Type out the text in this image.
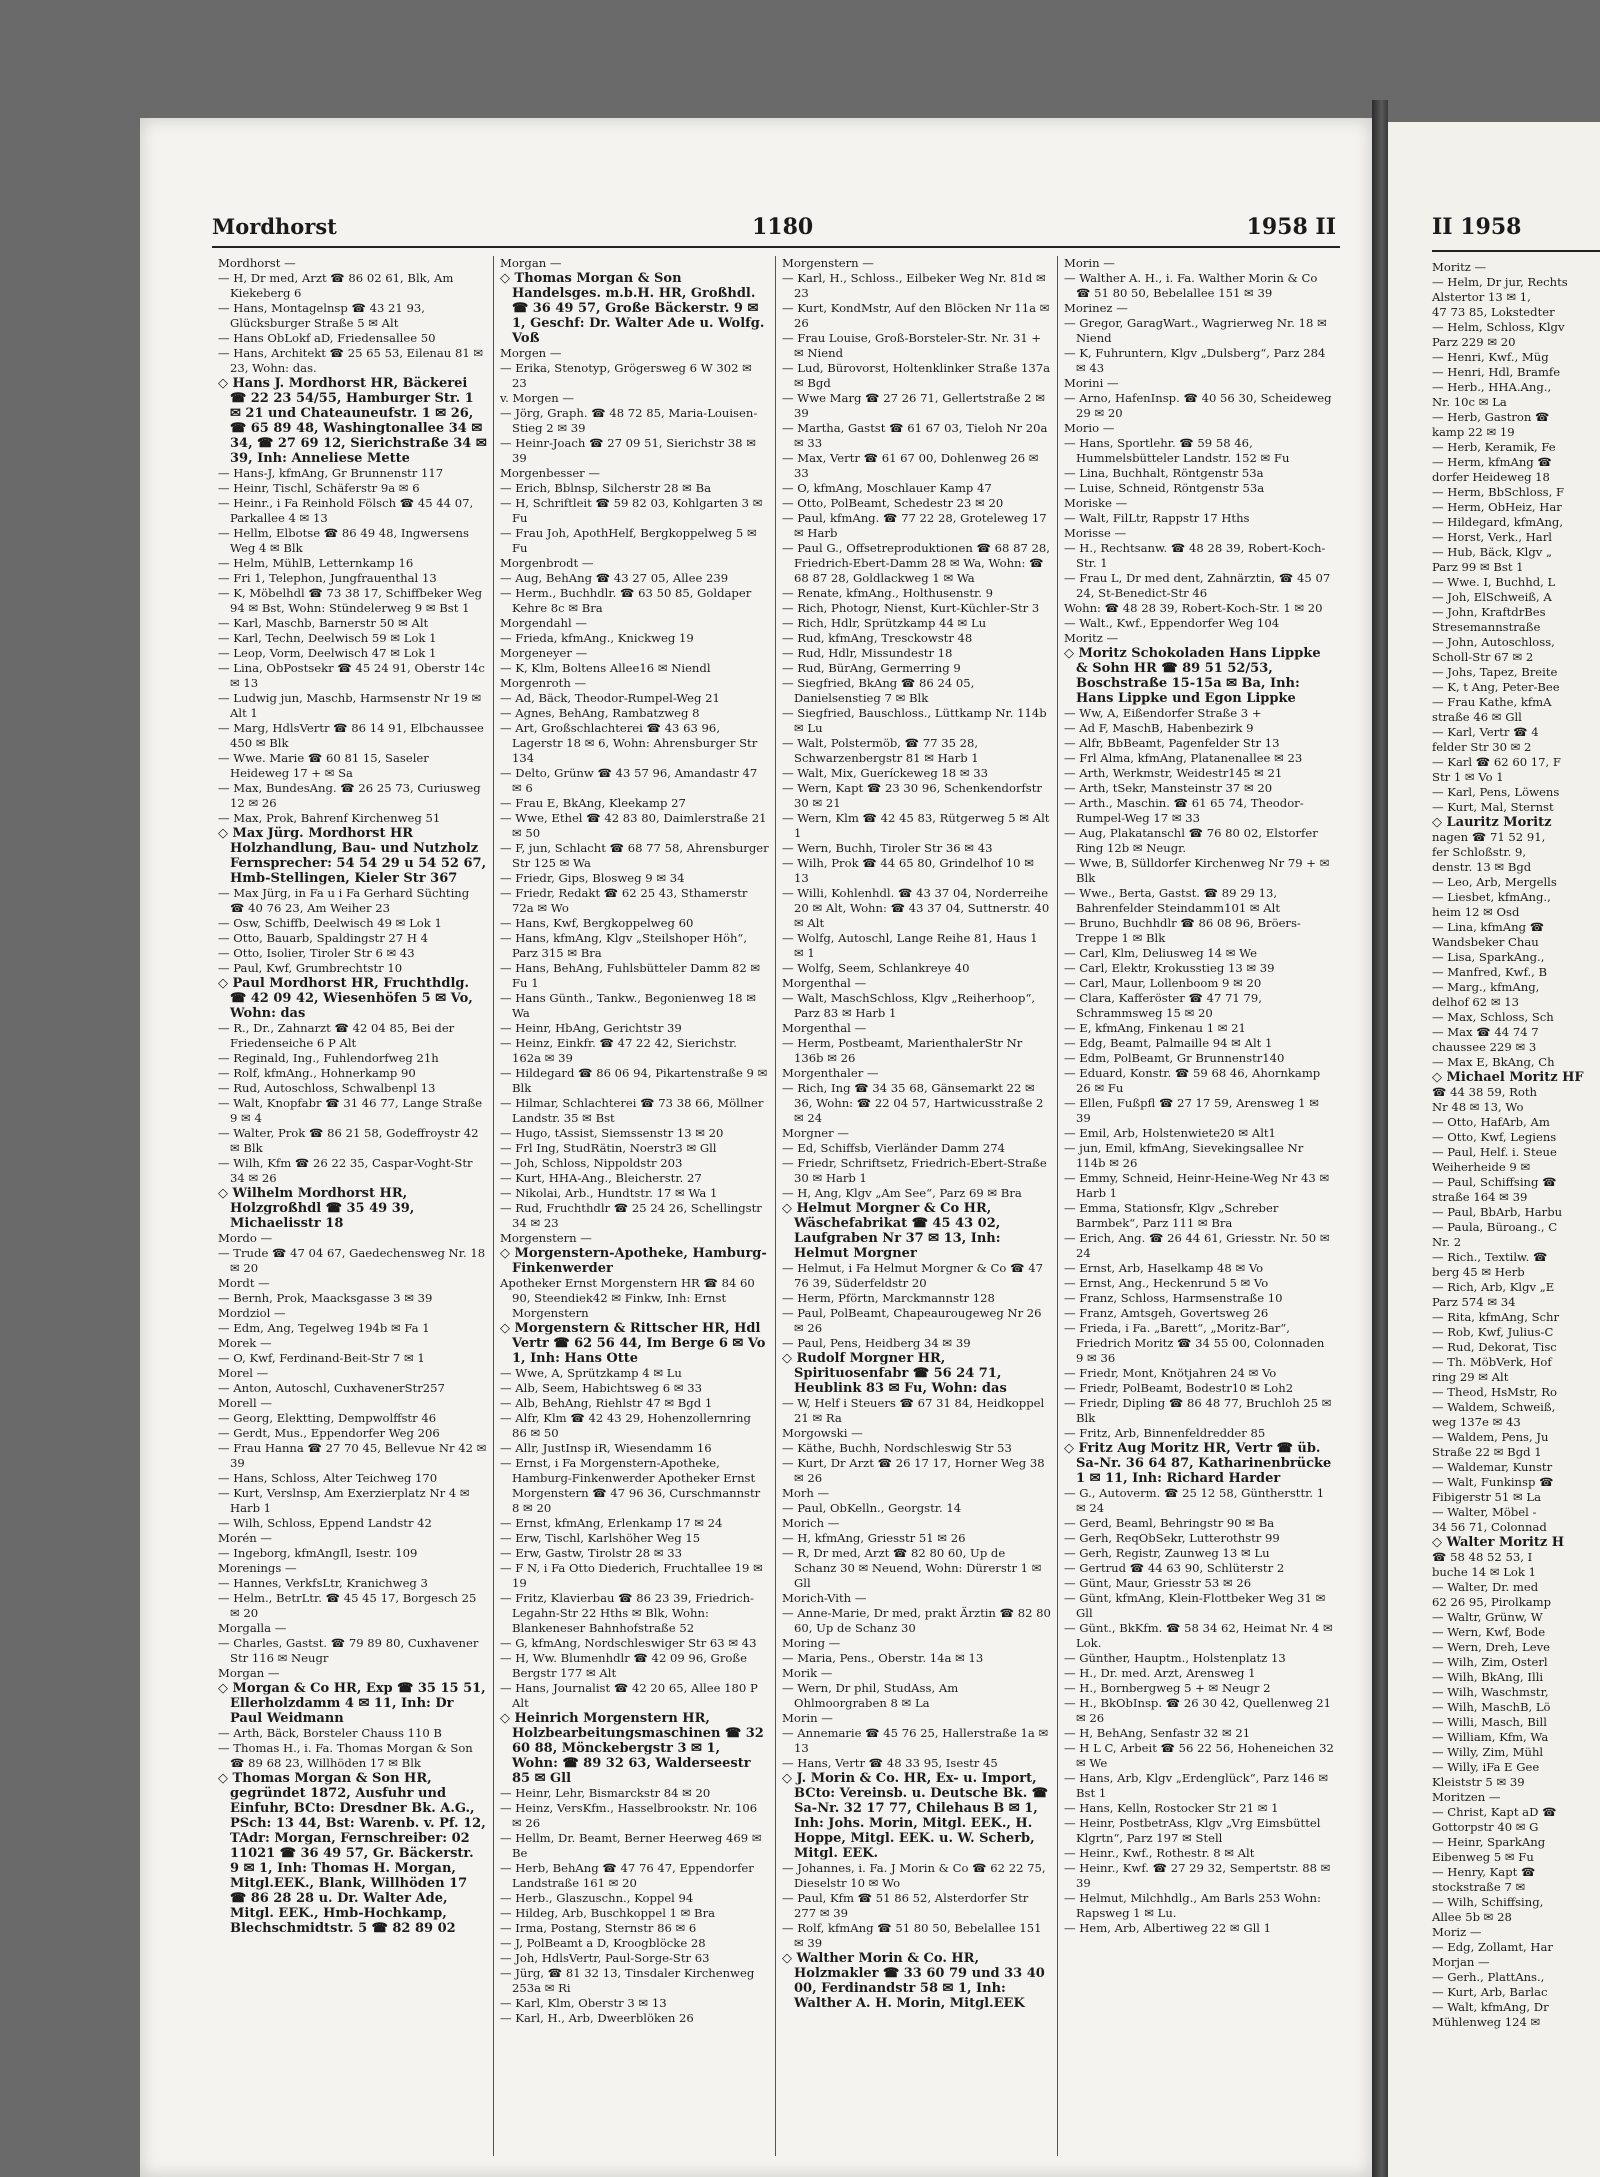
Mordhorst	1180	1958 II

Mordhorst —

— H, Dr med, Arzt ☎ 86 02 61, Blk, Am Kiekeberg 6

— Hans, Montagelnsp ☎ 43 21 93, Glücksburger Straße 5 ✉ Alt

— Hans ObLokf aD, Friedensallee 50

— Hans, Architekt ☎ 25 65 53, Eilenau 81 ✉ 23, Wohn: das.

◇ Hans J. Mordhorst HR, Bäckerei ☎ 22 23 54/55, Hamburger Str. 1 ✉ 21 und Chateauneufstr. 1 ✉ 26, ☎ 65 89 48, Washingtonallee 34 ✉ 34, ☎ 27 69 12, Sierichstraße 34 ✉ 39, Inh: Anneliese Mette

— Hans-J, kfmAng, Gr Brunnenstr 117

— Heinr, Tischl, Schäferstr 9a ✉ 6

— Heinr., i Fa Reinhold Fölsch ☎ 45 44 07, Parkallee 4 ✉ 13

— Hellm, Elbotse ☎ 86 49 48, Ingwersens Weg 4 ✉ Blk

— Helm, MühlB, Letternkamp 16

— Fri 1, Telephon, Jungfrauenthal 13

— K, Möbelhdl ☎ 73 38 17, Schiffbeker Weg 94 ✉ Bst, Wohn: Stündelerweg 9 ✉ Bst 1

— Karl, Maschb, Barnerstr 50 ✉ Alt

— Karl, Techn, Deelwisch 59 ✉ Lok 1

— Leop, Vorm, Deelwisch 47 ✉ Lok 1

— Lina, ObPostsekr ☎ 45 24 91, Oberstr 14c ✉ 13

— Ludwig jun, Maschb, Harmsenstr Nr 19 ✉ Alt 1

— Marg, HdlsVertr ☎ 86 14 91, Elbchaussee 450 ✉ Blk

— Wwe. Marie ☎ 60 81 15, Saseler Heideweg 17 + ✉ Sa

— Max, BundesAng. ☎ 26 25 73, Curiusweg 12 ✉ 26

— Max, Prok, Bahrenf Kirchenweg 51

◇ Max Jürg. Mordhorst HR Holzhandlung, Bau- und Nutzholz Fernsprecher: 54 54 29 u 54 52 67, Hmb-Stellingen, Kieler Str 367

— Max Jürg, in Fa u i Fa Gerhard Süchting ☎ 40 76 23, Am Weiher 23

— Osw, Schiffb, Deelwisch 49 ✉ Lok 1

— Otto, Bauarb, Spaldingstr 27 H 4

— Otto, Isolier, Tiroler Str 6 ✉ 43

— Paul, Kwf, Grumbrechtstr 10

◇ Paul Mordhorst HR, Fruchthdlg. ☎ 42 09 42, Wiesenhöfen 5 ✉ Vo, Wohn: das

— R., Dr., Zahnarzt ☎ 42 04 85, Bei der Friedenseiche 6 P Alt

— Reginald, Ing., Fuhlendorfweg 21h

— Rolf, kfmAng., Hohnerkamp 90

— Rud, Autoschloss, Schwalbenpl 13

— Walt, Knopfabr ☎ 31 46 77, Lange Straße 9 ✉ 4

— Walter, Prok ☎ 86 21 58, Godeffroystr 42 ✉ Blk

— Wilh, Kfm ☎ 26 22 35, Caspar-Voght-Str 34 ✉ 26

◇ Wilhelm Mordhorst HR, Holzgroßhdl ☎ 35 49 39, Michaelisstr 18

Mordo —

— Trude ☎ 47 04 67, Gaedechensweg Nr. 18 ✉ 20

Mordt —

— Bernh, Prok, Maacksgasse 3 ✉ 39

Mordziol —

— Edm, Ang, Tegelweg 194b ✉ Fa 1

Morek —

— O, Kwf, Ferdinand-Beit-Str 7 ✉ 1

Morel —

— Anton, Autoschl, CuxhavenerStr257

Morell —

— Georg, Elektting, Dempwolffstr 46

— Gerdt, Mus., Eppendorfer Weg 206

— Frau Hanna ☎ 27 70 45, Bellevue Nr 42 ✉ 39

— Hans, Schloss, Alter Teichweg 170

— Kurt, Verslnsp, Am Exerzierplatz Nr 4 ✉ Harb 1

— Wilh, Schloss, Eppend Landstr 42

Morén —

— Ingeborg, kfmAngIl, Isestr. 109

Morenings —

— Hannes, VerkfsLtr, Kranichweg 3

— Helm., BetrLtr. ☎ 45 45 17, Borgesch 25 ✉ 20

Morgalla —

— Charles, Gastst. ☎ 79 89 80, Cuxhavener Str 116 ✉ Neugr

Morgan —

◇ Morgan & Co HR, Exp ☎ 35 15 51, Ellerholzdamm 4 ✉ 11, Inh: Dr Paul Weidmann

— Arth, Bäck, Borsteler Chauss 110 B

— Thomas H., i. Fa. Thomas Morgan & Son ☎ 89 68 23, Willhöden 17 ✉ Blk

◇ Thomas Morgan & Son HR, gegründet 1872, Ausfuhr und Einfuhr, BCto: Dresdner Bk. A.G., PSch: 13 44, Bst: Warenb. v. Pf. 12, TAdr: Morgan, Fernschreiber: 02 11021 ☎ 36 49 57, Gr. Bäckerstr. 9 ✉ 1, Inh: Thomas H. Morgan, Mitgl.EEK., Blank, Willhöden 17 ☎ 86 28 28 u. Dr. Walter Ade, Mitgl. EEK., Hmb-Hochkamp, Blechschmidtstr. 5 ☎ 82 89 02

Morgan —

◇ Thomas Morgan & Son Handelsges. m.b.H. HR, Großhdl. ☎ 36 49 57, Große Bäckerstr. 9 ✉ 1, Geschf: Dr. Walter Ade u. Wolfg. Voß

Morgen —

— Erika, Stenotyp, Grögersweg 6 W 302 ✉ 23

v. Morgen —

— Jörg, Graph. ☎ 48 72 85, Maria-Louisen-Stieg 2 ✉ 39

— Heinr-Joach ☎ 27 09 51, Sierichstr 38 ✉ 39

Morgenbesser —

— Erich, Bblnsp, Silcherstr 28 ✉ Ba

— H, Schriftleit ☎ 59 82 03, Kohlgarten 3 ✉ Fu

— Frau Joh, ApothHelf, Bergkoppelweg 5 ✉ Fu

Morgenbrodt —

— Aug, BehAng ☎ 43 27 05, Allee 239

— Herm., Buchhdlr. ☎ 63 50 85, Goldaper Kehre 8c ✉ Bra

Morgendahl —

— Frieda, kfmAng., Knickweg 19

Morgeneyer —

— K, Klm, Boltens Allee16 ✉ Niendl

Morgenroth —

— Ad, Bäck, Theodor-Rumpel-Weg 21

— Agnes, BehAng, Rambatzweg 8

— Art, Großschlachterei ☎ 43 63 96, Lagerstr 18 ✉ 6, Wohn: Ahrensburger Str 134

— Delto, Grünw ☎ 43 57 96, Amandastr 47 ✉ 6

— Frau E, BkAng, Kleekamp 27

— Wwe, Ethel ☎ 42 83 80, Daimlerstraße 21 ✉ 50

— F, jun, Schlacht ☎ 68 77 58, Ahrensburger Str 125 ✉ Wa

— Friedr, Gips, Blosweg 9 ✉ 34

— Friedr, Redakt ☎ 62 25 43, Sthamerstr 72a ✉ Wo

— Hans, Kwf, Bergkoppelweg 60

— Hans, kfmAng, Klgv „Steilshoper Höh“, Parz 315 ✉ Bra

— Hans, BehAng, Fuhlsbütteler Damm 82 ✉ Fu 1

— Hans Günth., Tankw., Begonienweg 18 ✉ Wa

— Heinr, HbAng, Gerichtstr 39

— Heinz, Einkfr. ☎ 47 22 42, Sierichstr. 162a ✉ 39

— Hildegard ☎ 86 06 94, Pikartenstraße 9 ✉ Blk

— Hilmar, Schlachterei ☎ 73 38 66, Möllner Landstr. 35 ✉ Bst

— Hugo, tAssist, Siemssenstr 13 ✉ 20

— Frl Ing, StudRätin, Noerstr3 ✉ Gll

— Joh, Schloss, Nippoldstr 203

— Kurt, HHA-Ang., Bleicherstr. 27

— Nikolai, Arb., Hundtstr. 17 ✉ Wa 1

— Rud, Fruchthdlr ☎ 25 24 26, Schellingstr 34 ✉ 23

Morgenstern —

◇ Morgenstern-Apotheke, Hamburg-Finkenwerder

Apotheker Ernst Morgenstern HR ☎ 84 60 90, Steendiek42 ✉ Finkw, Inh: Ernst Morgenstern

◇ Morgenstern & Rittscher HR, Hdl Vertr ☎ 62 56 44, Im Berge 6 ✉ Vo 1, Inh: Hans Otte

— Wwe, A, Sprützkamp 4 ✉ Lu

— Alb, Seem, Habichtsweg 6 ✉ 33

— Alb, BehAng, Riehlstr 47 ✉ Bgd 1

— Alfr, Klm ☎ 42 43 29, Hohenzollernring 86 ✉ 50

— Allr, JustInsp iR, Wiesendamm 16

— Ernst, i Fa Morgenstern-Apotheke, Hamburg-Finkenwerder Apotheker Ernst Morgenstern ☎ 47 96 36, Curschmannstr 8 ✉ 20

— Ernst, kfmAng, Erlenkamp 17 ✉ 24

— Erw, Tischl, Karlshöher Weg 15

— Erw, Gastw, Tirolstr 28 ✉ 33

— F N, i Fa Otto Diederich, Fruchtallee 19 ✉ 19

— Fritz, Klavierbau ☎ 86 23 39, Friedrich-Legahn-Str 22 Hths ✉ Blk, Wohn: Blankeneser Bahnhofstraße 52

— G, kfmAng, Nordschleswiger Str 63 ✉ 43

— H, Ww. Blumenhdlr ☎ 42 09 96, Große Bergstr 177 ✉ Alt

— Hans, Journalist ☎ 42 20 65, Allee 180 P Alt

◇ Heinrich Morgenstern HR, Holzbearbeitungsmaschinen ☎ 32 60 88, Mönckebergstr 3 ✉ 1, Wohn: ☎ 89 32 63, Walderseestr 85 ✉ Gll

— Heinr, Lehr, Bismarckstr 84 ✉ 20

— Heinz, VersKfm., Hasselbrookstr. Nr. 106 ✉ 26

— Hellm, Dr. Beamt, Berner Heerweg 469 ✉ Be

— Herb, BehAng ☎ 47 76 47, Eppendorfer Landstraße 161 ✉ 20

— Herb., Glaszuschn., Koppel 94

— Hildeg, Arb, Buschkoppel 1 ✉ Bra

— Irma, Postang, Sternstr 86 ✉ 6

— J, PolBeamt a D, Kroogblöcke 28

— Joh, HdlsVertr, Paul-Sorge-Str 63

— Jürg, ☎ 81 32 13, Tinsdaler Kirchenweg 253a ✉ Ri

— Karl, Klm, Oberstr 3 ✉ 13

— Karl, H., Arb, Dweerblöken 26

Morgenstern —

— Karl, H., Schloss., Eilbeker Weg Nr. 81d ✉ 23

— Kurt, KondMstr, Auf den Blöcken Nr 11a ✉ 26

— Frau Louise, Groß-Borsteler-Str. Nr. 31 + ✉ Niend

— Lud, Bürovorst, Holtenklinker Straße 137a ✉ Bgd

— Wwe Marg ☎ 27 26 71, Gellertstraße 2 ✉ 39

— Martha, Gastst ☎ 61 67 03, Tieloh Nr 20a ✉ 33

— Max, Vertr ☎ 61 67 00, Dohlenweg 26 ✉ 33

— O, kfmAng, Moschlauer Kamp 47

— Otto, PolBeamt, Schedestr 23 ✉ 20

— Paul, kfmAng. ☎ 77 22 28, Groteleweg 17 ✉ Harb

— Paul G., Offsetreproduktionen ☎ 68 87 28, Friedrich-Ebert-Damm 28 ✉ Wa, Wohn: ☎ 68 87 28, Goldlackweg 1 ✉ Wa

— Renate, kfmAng., Holthusenstr. 9

— Rich, Photogr, Nienst, Kurt-Küchler-Str 3

— Rich, Hdlr, Sprützkamp 44 ✉ Lu

— Rud, kfmAng, Tresckowstr 48

— Rud, Hdlr, Missundestr 18

— Rud, BürAng, Germerring 9

— Siegfried, BkAng ☎ 86 24 05, Danielsenstieg 7 ✉ Blk

— Siegfried, Bauschloss., Lüttkamp Nr. 114b ✉ Lu

— Walt, Polstermöb, ☎ 77 35 28, Schwarzenbergstr 81 ✉ Harb 1

— Walt, Mix, Gueríckeweg 18 ✉ 33

— Wern, Kapt ☎ 23 30 96, Schenkendorfstr 30 ✉ 21

— Wern, Klm ☎ 42 45 83, Rütgerweg 5 ✉ Alt 1

— Wern, Buchh, Tiroler Str 36 ✉ 43

— Wilh, Prok ☎ 44 65 80, Grindelhof 10 ✉ 13

— Willi, Kohlenhdl. ☎ 43 37 04, Norderreihe 20 ✉ Alt, Wohn: ☎ 43 37 04, Suttnerstr. 40 ✉ Alt

— Wolfg, Autoschl, Lange Reihe 81, Haus 1 ✉ 1

— Wolfg, Seem, Schlankreye 40

Morgenthal —

— Walt, MaschSchloss, Klgv „Reiherhoop“, Parz 83 ✉ Harb 1

Morgenthal —

— Herm, Postbeamt, MarienthalerStr Nr 136b ✉ 26

Morgenthaler —

— Rich, Ing ☎ 34 35 68, Gänsemarkt 22 ✉ 36, Wohn: ☎ 22 04 57, Hartwicusstraße 2 ✉ 24

Morgner —

— Ed, Schiffsb, Vierländer Damm 274

— Friedr, Schriftsetz, Friedrich-Ebert-Straße 30 ✉ Harb 1

— H, Ang, Klgv „Am See“, Parz 69 ✉ Bra

◇ Helmut Morgner & Co HR, Wäschefabrikat ☎ 45 43 02, Laufgraben Nr 37 ✉ 13, Inh: Helmut Morgner

— Helmut, i Fa Helmut Morgner & Co ☎ 47 76 39, Süderfeldstr 20

— Herm, Pförtn, Marckmannstr 128

— Paul, PolBeamt, Chapeaurougeweg Nr 26 ✉ 26

— Paul, Pens, Heidberg 34 ✉ 39

◇ Rudolf Morgner HR, Spirituosenfabr ☎ 56 24 71, Heublink 83 ✉ Fu, Wohn: das

— W, Helf i Steuers ☎ 67 31 84, Heidkoppel 21 ✉ Ra

Morgowski —

— Käthe, Buchh, Nordschleswig Str 53

— Kurt, Dr Arzt ☎ 26 17 17, Horner Weg 38 ✉ 26

Morh —

— Paul, ObKelln., Georgstr. 14

Morich —

— H, kfmAng, Griesstr 51 ✉ 26

— R, Dr med, Arzt ☎ 82 80 60, Up de Schanz 30 ✉ Neuend, Wohn: Dürerstr 1 ✉ Gll

Morich-Vith —

— Anne-Marie, Dr med, prakt Ärztin ☎ 82 80 60, Up de Schanz 30

Moring —

— Maria, Pens., Oberstr. 14a ✉ 13

Morik —

— Wern, Dr phil, StudAss, Am Ohlmoorgraben 8 ✉ La

Morin —

— Annemarie ☎ 45 76 25, Hallerstraße 1a ✉ 13

— Hans, Vertr ☎ 48 33 95, Isestr 45

◇ J. Morin & Co. HR, Ex- u. Import, BCto: Vereinsb. u. Deutsche Bk. ☎ Sa-Nr. 32 17 77, Chilehaus B ✉ 1, Inh: Johs. Morin, Mitgl. EEK., H. Hoppe, Mitgl. EEK. u. W. Scherb, Mitgl. EEK.

— Johannes, i. Fa. J Morin & Co ☎ 62 22 75, Dieselstr 10 ✉ Wo

— Paul, Kfm ☎ 51 86 52, Alsterdorfer Str 277 ✉ 39

— Rolf, kfmAng ☎ 51 80 50, Bebelallee 151 ✉ 39

◇ Walther Morin & Co. HR, Holzmakler ☎ 33 60 79 und 33 40 00, Ferdinandstr 58 ✉ 1, Inh: Walther A. H. Morin, Mitgl.EEK

Morin —

— Walther A. H., i. Fa. Walther Morin & Co ☎ 51 80 50, Bebelallee 151 ✉ 39

Morinez —

— Gregor, GaragWart., Wagrierweg Nr. 18 ✉ Niend

— K, Fuhruntern, Klgv „Dulsberg“, Parz 284 ✉ 43

Morini —

— Arno, HafenInsp. ☎ 40 56 30, Scheideweg 29 ✉ 20

Morio —

— Hans, Sportlehr. ☎ 59 58 46, Hummelsbütteler Landstr. 152 ✉ Fu

— Lina, Buchhalt, Röntgenstr 53a

— Luise, Schneid, Röntgenstr 53a

Moriske —

— Walt, FilLtr, Rappstr 17 Hths

Morisse —

— H., Rechtsanw. ☎ 48 28 39, Robert-Koch-Str. 1

— Frau L, Dr med dent, Zahnärztin, ☎ 45 07 24, St-Benedict-Str 46

Wohn: ☎ 48 28 39, Robert-Koch-Str. 1 ✉ 20

— Walt., Kwf., Eppendorfer Weg 104

Moritz —

◇ Moritz Schokoladen Hans Lippke & Sohn HR ☎ 89 51 52/53, Boschstraße 15-15a ✉ Ba, Inh: Hans Lippke und Egon Lippke

— Ww, A, Eißendorfer Straße 3 +

— Ad F, MaschB, Habenbezirk 9

— Alfr, BbBeamt, Pagenfelder Str 13

— Frl Alma, kfmAng, Platanenallee ✉ 23

— Arth, Werkmstr, Weidestr145 ✉ 21

— Arth, tSekr, Mansteinstr 37 ✉ 20

— Arth., Maschin. ☎ 61 65 74, Theodor-Rumpel-Weg 17 ✉ 33

— Aug, Plakatanschl ☎ 76 80 02, Elstorfer Ring 12b ✉ Neugr.

— Wwe, B, Sülldorfer Kirchenweg Nr 79 + ✉ Blk

— Wwe., Berta, Gastst. ☎ 89 29 13, Bahrenfelder Steindamm101 ✉ Alt

— Bruno, Buchhdlr ☎ 86 08 96, Bröers-Treppe 1 ✉ Blk

— Carl, Klm, Deliusweg 14 ✉ We

— Carl, Elektr, Krokusstieg 13 ✉ 39

— Carl, Maur, Lollenboom 9 ✉ 20

— Clara, Kafferöster ☎ 47 71 79, Schrammsweg 15 ✉ 20

— E, kfmAng, Finkenau 1 ✉ 21

— Edg, Beamt, Palmaille 94 ✉ Alt 1

— Edm, PolBeamt, Gr Brunnenstr140

— Eduard, Konstr. ☎ 59 68 46, Ahornkamp 26 ✉ Fu

— Ellen, Fußpfl ☎ 27 17 59, Arensweg 1 ✉ 39

— Emil, Arb, Holstenwiete20 ✉ Alt1

— jun, Emil, kfmAng, Sievekingsallee Nr 114b ✉ 26

— Emmy, Schneid, Heinr-Heine-Weg Nr 43 ✉ Harb 1

— Emma, Stationsfr, Klgv „Schreber Barmbek“, Parz 111 ✉ Bra

— Erich, Ang. ☎ 26 44 61, Griesstr. Nr. 50 ✉ 24

— Ernst, Arb, Haselkamp 48 ✉ Vo

— Ernst, Ang., Heckenrund 5 ✉ Vo

— Franz, Schloss, Harmsenstraße 10

— Franz, Amtsgeh, Govertsweg 26

— Frieda, i Fa. „Barett“, „Moritz-Bar“, Friedrich Moritz ☎ 34 55 00, Colonnaden 9 ✉ 36

— Friedr, Mont, Knötjahren 24 ✉ Vo

— Friedr, PolBeamt, Bodestr10 ✉ Loh2

— Friedr, Dipling ☎ 86 48 77, Bruchloh 25 ✉ Blk

— Fritz, Arb, Binnenfeldredder 85

◇ Fritz Aug Moritz HR, Vertr ☎ üb. Sa-Nr. 36 64 87, Katharinenbrücke 1 ✉ 11, Inh: Richard Harder

— G., Autoverm. ☎ 25 12 58, Günthersttr. 1 ✉ 24

— Gerd, Beaml, Behringstr 90 ✉ Ba

— Gerh, ReqObSekr, Lutterothstr 99

— Gerh, Registr, Zaunweg 13 ✉ Lu

— Gertrud ☎ 44 63 90, Schlüterstr 2

— Günt, Maur, Griesstr 53 ✉ 26

— Günt, kfmAng, Klein-Flottbeker Weg 31 ✉ Gll

— Günt., BkKfm. ☎ 58 34 62, Heimat Nr. 4 ✉ Lok.

— Günther, Hauptm., Holstenplatz 13

— H., Dr. med. Arzt, Arensweg 1

— H., Bornbergweg 5 + ✉ Neugr 2

— H., BkObInsp. ☎ 26 30 42, Quellenweg 21 ✉ 26

— H, BehAng, Senfastr 32 ✉ 21

— H L C, Arbeit ☎ 56 22 56, Hoheneichen 32 ✉ We

— Hans, Arb, Klgv „Erdenglück“, Parz 146 ✉ Bst 1

— Hans, Kelln, Rostocker Str 21 ✉ 1

— Heinr, PostbetrAss, Klgv „Vrg Eimsbüttel Klgrtn“, Parz 197 ✉ Stell

— Heinr., Kwf., Rothestr. 8 ✉ Alt

— Heinr., Kwf. ☎ 27 29 32, Sempertstr. 88 ✉ 39

— Helmut, Milchhdlg., Am Barls 253 Wohn: Rapsweg 1 ✉ Lu.

— Hem, Arb, Albertiweg 22 ✉ Gll 1

II 1958

Moritz —

— Helm, Dr jur, Rechts

Alstertor 13 ✉ 1,

47 73 85, Lokstedter

— Helm, Schloss, Klgv

Parz 229 ✉ 20

— Henri, Kwf., Müg

— Henri, Hdl, Bramfe

— Herb., HHA.Ang.,

Nr. 10c ✉ La

— Herb, Gastron ☎

kamp 22 ✉ 19

— Herb, Keramik, Fe

— Herm, kfmAng ☎

dorfer Heideweg 18

— Herm, BbSchloss, F

— Herm, ObHeiz, Har

— Hildegard, kfmAng,

— Horst, Verk., Harl

— Hub, Bäck, Klgv „

Parz 99 ✉ Bst 1

— Wwe. I, Buchhd, L

— Joh, ElSchweiß, A

— John, KraftdrBes

Stresemannstraße

— John, Autoschloss,

Scholl-Str 67 ✉ 2

— Johs, Tapez, Breite

— K, t Ang, Peter-Bee

— Frau Kathe, kfmA

straße 46 ✉ Gll

— Karl, Vertr ☎ 4

felder Str 30 ✉ 2

— Karl ☎ 62 60 17, F

Str 1 ✉ Vo 1

— Karl, Pens, Löwens

— Kurt, Mal, Sternst

◇ Lauritz Moritz

nagen ☎ 71 52 91,

fer Schloßstr. 9,

denstr. 13 ✉ Bgd

— Leo, Arb, Mergells

— Liesbet, kfmAng.,

heim 12 ✉ Osd

— Lina, kfmAng ☎

Wandsbeker Chau

— Lisa, SparkAng.,

— Manfred, Kwf., B

— Marg., kfmAng,

delhof 62 ✉ 13

— Max, Schloss, Sch

— Max ☎ 44 74 7

chaussee 229 ✉ 3

— Max E, BkAng, Ch

◇ Michael Moritz HF

☎ 44 38 59, Roth

Nr 48 ✉ 13, Wo

— Otto, HafArb, Am

— Otto, Kwf, Legiens

— Paul, Helf. i. Steue

Weiherheide 9 ✉

— Paul, Schiffsing ☎

straße 164 ✉ 39

— Paul, BbArb, Harbu

— Paula, Büroang., C

Nr. 2

— Rich., Textilw. ☎

berg 45 ✉ Herb

— Rich, Arb, Klgv „E

Parz 574 ✉ 34

— Rita, kfmAng, Schr

— Rob, Kwf, Julius-C

— Rud, Dekorat, Tisc

— Th. MöbVerk, Hof

ring 29 ✉ Alt

— Theod, HsMstr, Ro

— Waldem, Schweiß,

weg 137e ✉ 43

— Waldem, Pens, Ju

Straße 22 ✉ Bgd 1

— Waldemar, Kunstr

— Walt, Funkinsp ☎

Fibigerstr 51 ✉ La

— Walter, Möbel -

34 56 71, Colonnad

◇ Walter Moritz H

☎ 58 48 52 53, I

buche 14 ✉ Lok 1

— Walter, Dr. med

62 26 95, Pirolkamp

— Waltr, Grünw, W

— Wern, Kwf, Bode

— Wern, Dreh, Leve

— Wilh, Zim, Osterl

— Wilh, BkAng, Illi

— Wilh, Waschmstr,

— Wilh, MaschB, Lö

— Willi, Masch, Bill

— William, Kfm, Wa

— Willy, Zim, Mühl

— Willy, iFa E Gee

Kleiststr 5 ✉ 39

Moritzen —

— Christ, Kapt aD ☎

Gottorpstr 40 ✉ G

— Heinr, SparkAng

Eibenweg 5 ✉ Fu

— Henry, Kapt ☎

stockstraße 7 ✉

— Wilh, Schiffsing,

Allee 5b ✉ 28

Moriz —

— Edg, Zollamt, Har

Morjan —

— Gerh., PlattAns.,

— Kurt, Arb, Barlac

— Walt, kfmAng, Dr

Mühlenweg 124 ✉
